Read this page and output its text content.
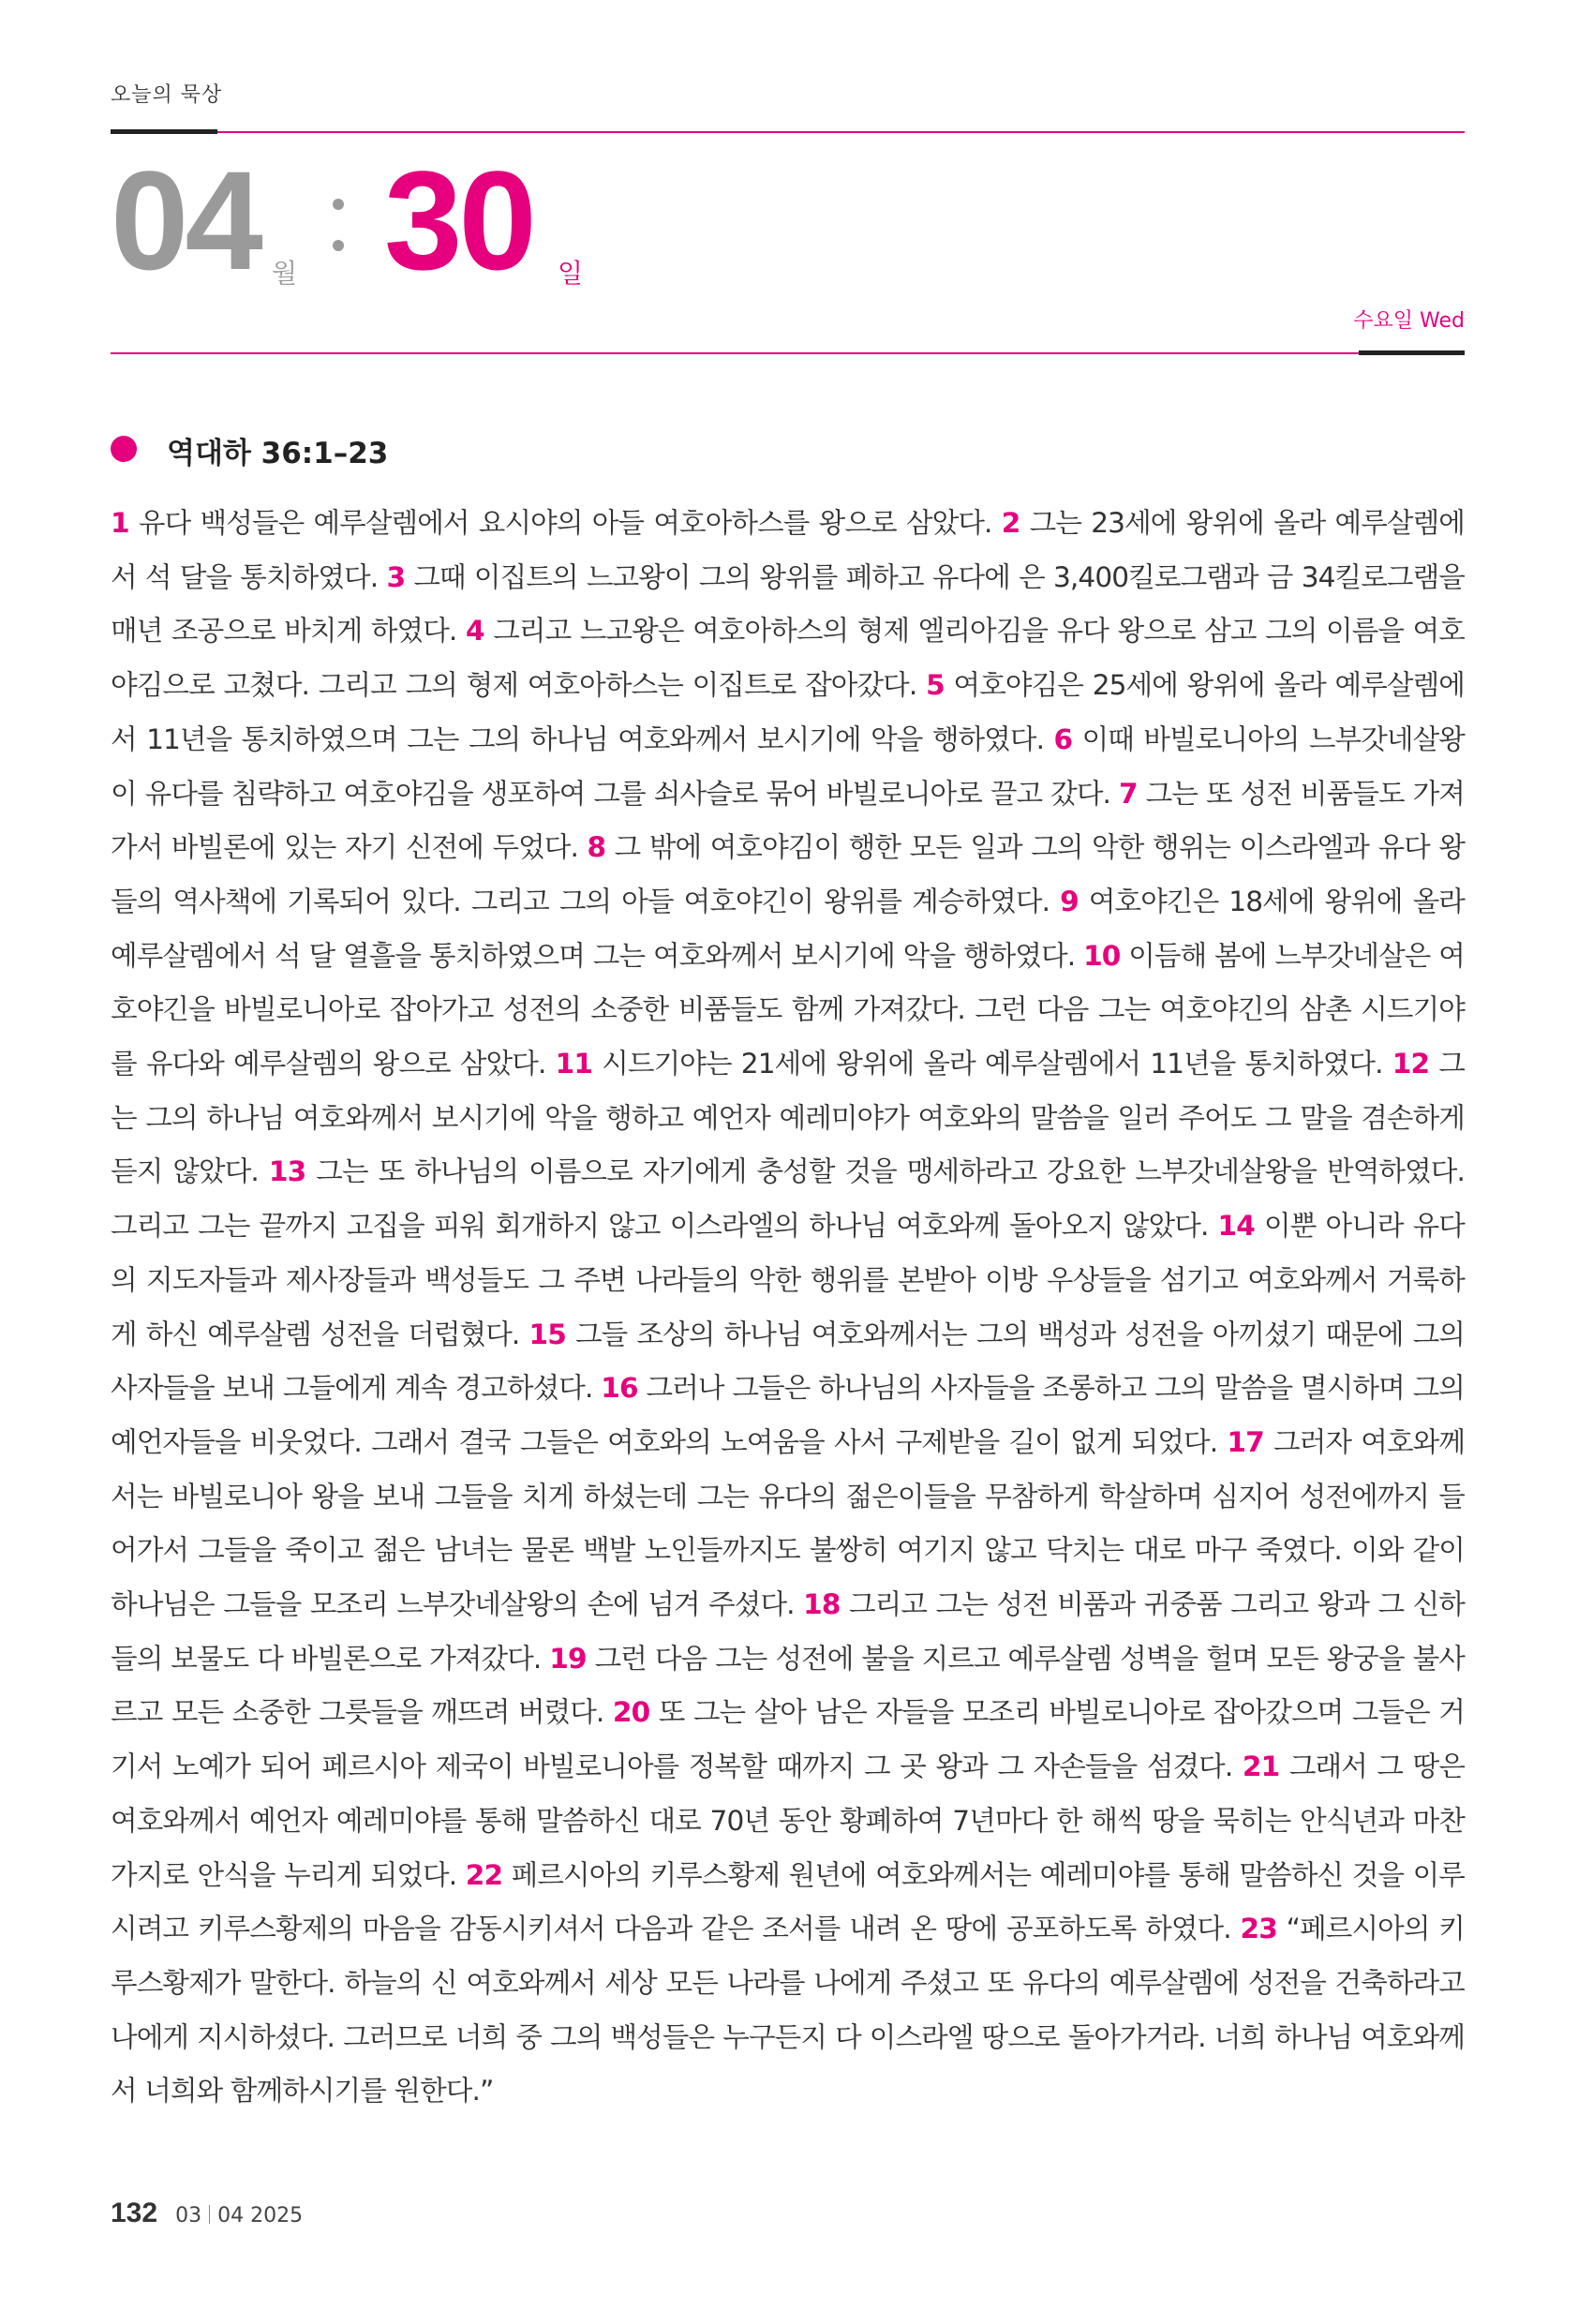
오늘의 묵상
04 월 30 일
수요일 Wed
역대하 36:1–23
1 유다 백성들은 예루살렘에서 요시야의 아들 여호아하스를 왕으로 삼았다. 2 그는 23세에 왕위에 올라 예루살렘에서 석 달을 통치하였다. 3 그때 이집트의 느고왕이 그의 왕위를 폐하고 유다에 은 3,400킬로그램과 금 34킬로그램을 매년 조공으로 바치게 하였다. 4 그리고 느고왕은 여호아하스의 형제 엘리아김을 유다 왕으로 삼고 그의 이름을 여호야김으로 고쳤다. 그리고 그의 형제 여호아하스는 이집트로 잡아갔다. 5 여호야김은 25세에 왕위에 올라 예루살렘에서 11년을 통치하였으며 그는 그의 하나님 여호와께서 보시기에 악을 행하였다. 6 이때 바빌로니아의 느부갓네살왕이 유다를 침략하고 여호야김을 생포하여 그를 쇠사슬로 묶어 바빌로니아로 끌고 갔다. 7 그는 또 성전 비품들도 가져가서 바빌론에 있는 자기 신전에 두었다. 8 그 밖에 여호야김이 행한 모든 일과 그의 악한 행위는 이스라엘과 유다 왕들의 역사책에 기록되어 있다. 그리고 그의 아들 여호야긴이 왕위를 계승하였다. 9 여호야긴은 18세에 왕위에 올라 예루살렘에서 석 달 열흘을 통치하였으며 그는 여호와께서 보시기에 악을 행하였다. 10 이듬해 봄에 느부갓네살은 여호야긴을 바빌로니아로 잡아가고 성전의 소중한 비품들도 함께 가져갔다. 그런 다음 그는 여호야긴의 삼촌 시드기야를 유다와 예루살렘의 왕으로 삼았다. 11 시드기야는 21세에 왕위에 올라 예루살렘에서 11년을 통치하였다. 12 그는 그의 하나님 여호와께서 보시기에 악을 행하고 예언자 예레미야가 여호와의 말씀을 일러 주어도 그 말을 겸손하게 듣지 않았다. 13 그는 또 하나님의 이름으로 자기에게 충성할 것을 맹세하라고 강요한 느부갓네살왕을 반역하였다. 그리고 그는 끝까지 고집을 피워 회개하지 않고 이스라엘의 하나님 여호와께 돌아오지 않았다. 14 이뿐 아니라 유다의 지도자들과 제사장들과 백성들도 그 주변 나라들의 악한 행위를 본받아 이방 우상들을 섬기고 여호와께서 거룩하게 하신 예루살렘 성전을 더럽혔다. 15 그들 조상의 하나님 여호와께서는 그의 백성과 성전을 아끼셨기 때문에 그의 사자들을 보내 그들에게 계속 경고하셨다. 16 그러나 그들은 하나님의 사자들을 조롱하고 그의 말씀을 멸시하며 그의 예언자들을 비웃었다. 그래서 결국 그들은 여호와의 노여움을 사서 구제받을 길이 없게 되었다. 17 그러자 여호와께서는 바빌로니아 왕을 보내 그들을 치게 하셨는데 그는 유다의 젊은이들을 무참하게 학살하며 심지어 성전에까지 들어가서 그들을 죽이고 젊은 남녀는 물론 백발 노인들까지도 불쌍히 여기지 않고 닥치는 대로 마구 죽였다. 이와 같이 하나님은 그들을 모조리 느부갓네살왕의 손에 넘겨 주셨다. 18 그리고 그는 성전 비품과 귀중품 그리고 왕과 그 신하들의 보물도 다 바빌론으로 가져갔다. 19 그런 다음 그는 성전에 불을 지르고 예루살렘 성벽을 헐며 모든 왕궁을 불사르고 모든 소중한 그릇들을 깨뜨려 버렸다. 20 또 그는 살아 남은 자들을 모조리 바빌로니아로 잡아갔으며 그들은 거기서 노예가 되어 페르시아 제국이 바빌로니아를 정복할 때까지 그 곳 왕과 그 자손들을 섬겼다. 21 그래서 그 땅은 여호와께서 예언자 예레미야를 통해 말씀하신 대로 70년 동안 황폐하여 7년마다 한 해씩 땅을 묵히는 안식년과 마찬가지로 안식을 누리게 되었다. 22 페르시아의 키루스황제 원년에 여호와께서는 예레미야를 통해 말씀하신 것을 이루시려고 키루스황제의 마음을 감동시키셔서 다음과 같은 조서를 내려 온 땅에 공포하도록 하였다. 23 “페르시아의 키루스황제가 말한다. 하늘의 신 여호와께서 세상 모든 나라를 나에게 주셨고 또 유다의 예루살렘에 성전을 건축하라고 나에게 지시하셨다. 그러므로 너희 중 그의 백성들은 누구든지 다 이스라엘 땅으로 돌아가거라. 너희 하나님 여호와께서 너희와 함께하시기를 원한다.”
132 03 04 2025
